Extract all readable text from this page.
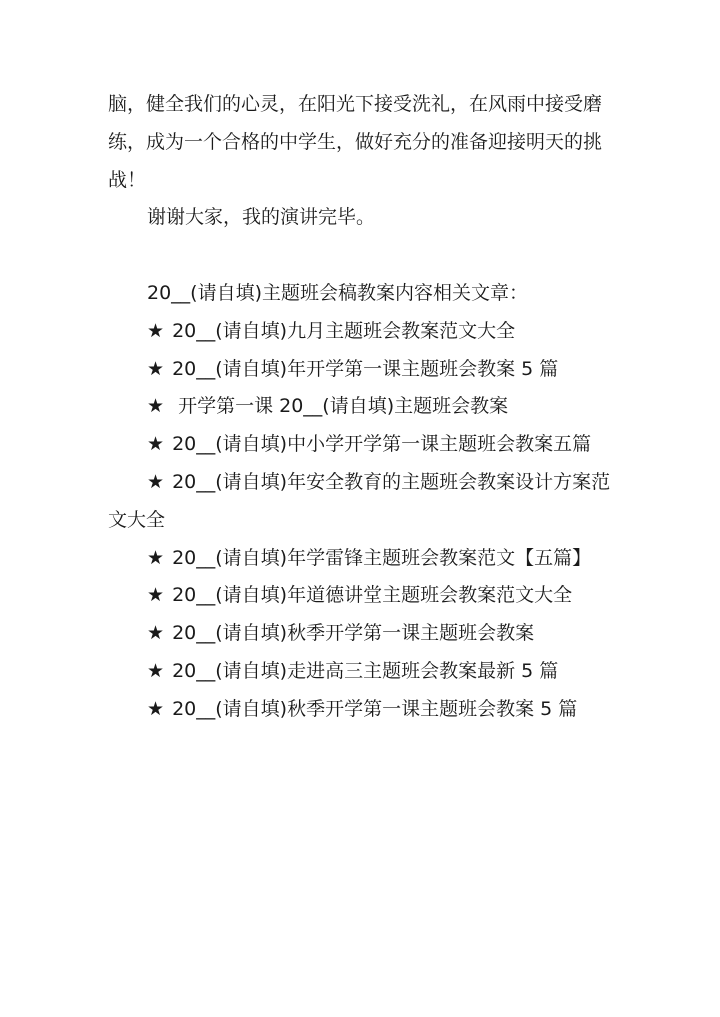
脑，健全我们的心灵，在阳光下接受洗礼，在风雨中接受磨

练，成为一个合格的中学生，做好充分的准备迎接明天的挑

战！

谢谢大家，我的演讲完毕。

20__(请自填)主题班会稿教案内容相关文章：

★ 20__(请自填)九月主题班会教案范文大全

★ 20__(请自填)年开学第一课主题班会教案 5 篇

★ 开学第一课 20__(请自填)主题班会教案

★ 20__(请自填)中小学开学第一课主题班会教案五篇

★ 20__(请自填)年安全教育的主题班会教案设计方案范

文大全

★ 20__(请自填)年学雷锋主题班会教案范文【五篇】

★ 20__(请自填)年道德讲堂主题班会教案范文大全

★ 20__(请自填)秋季开学第一课主题班会教案

★ 20__(请自填)走进高三主题班会教案最新 5 篇

★ 20__(请自填)秋季开学第一课主题班会教案 5 篇
